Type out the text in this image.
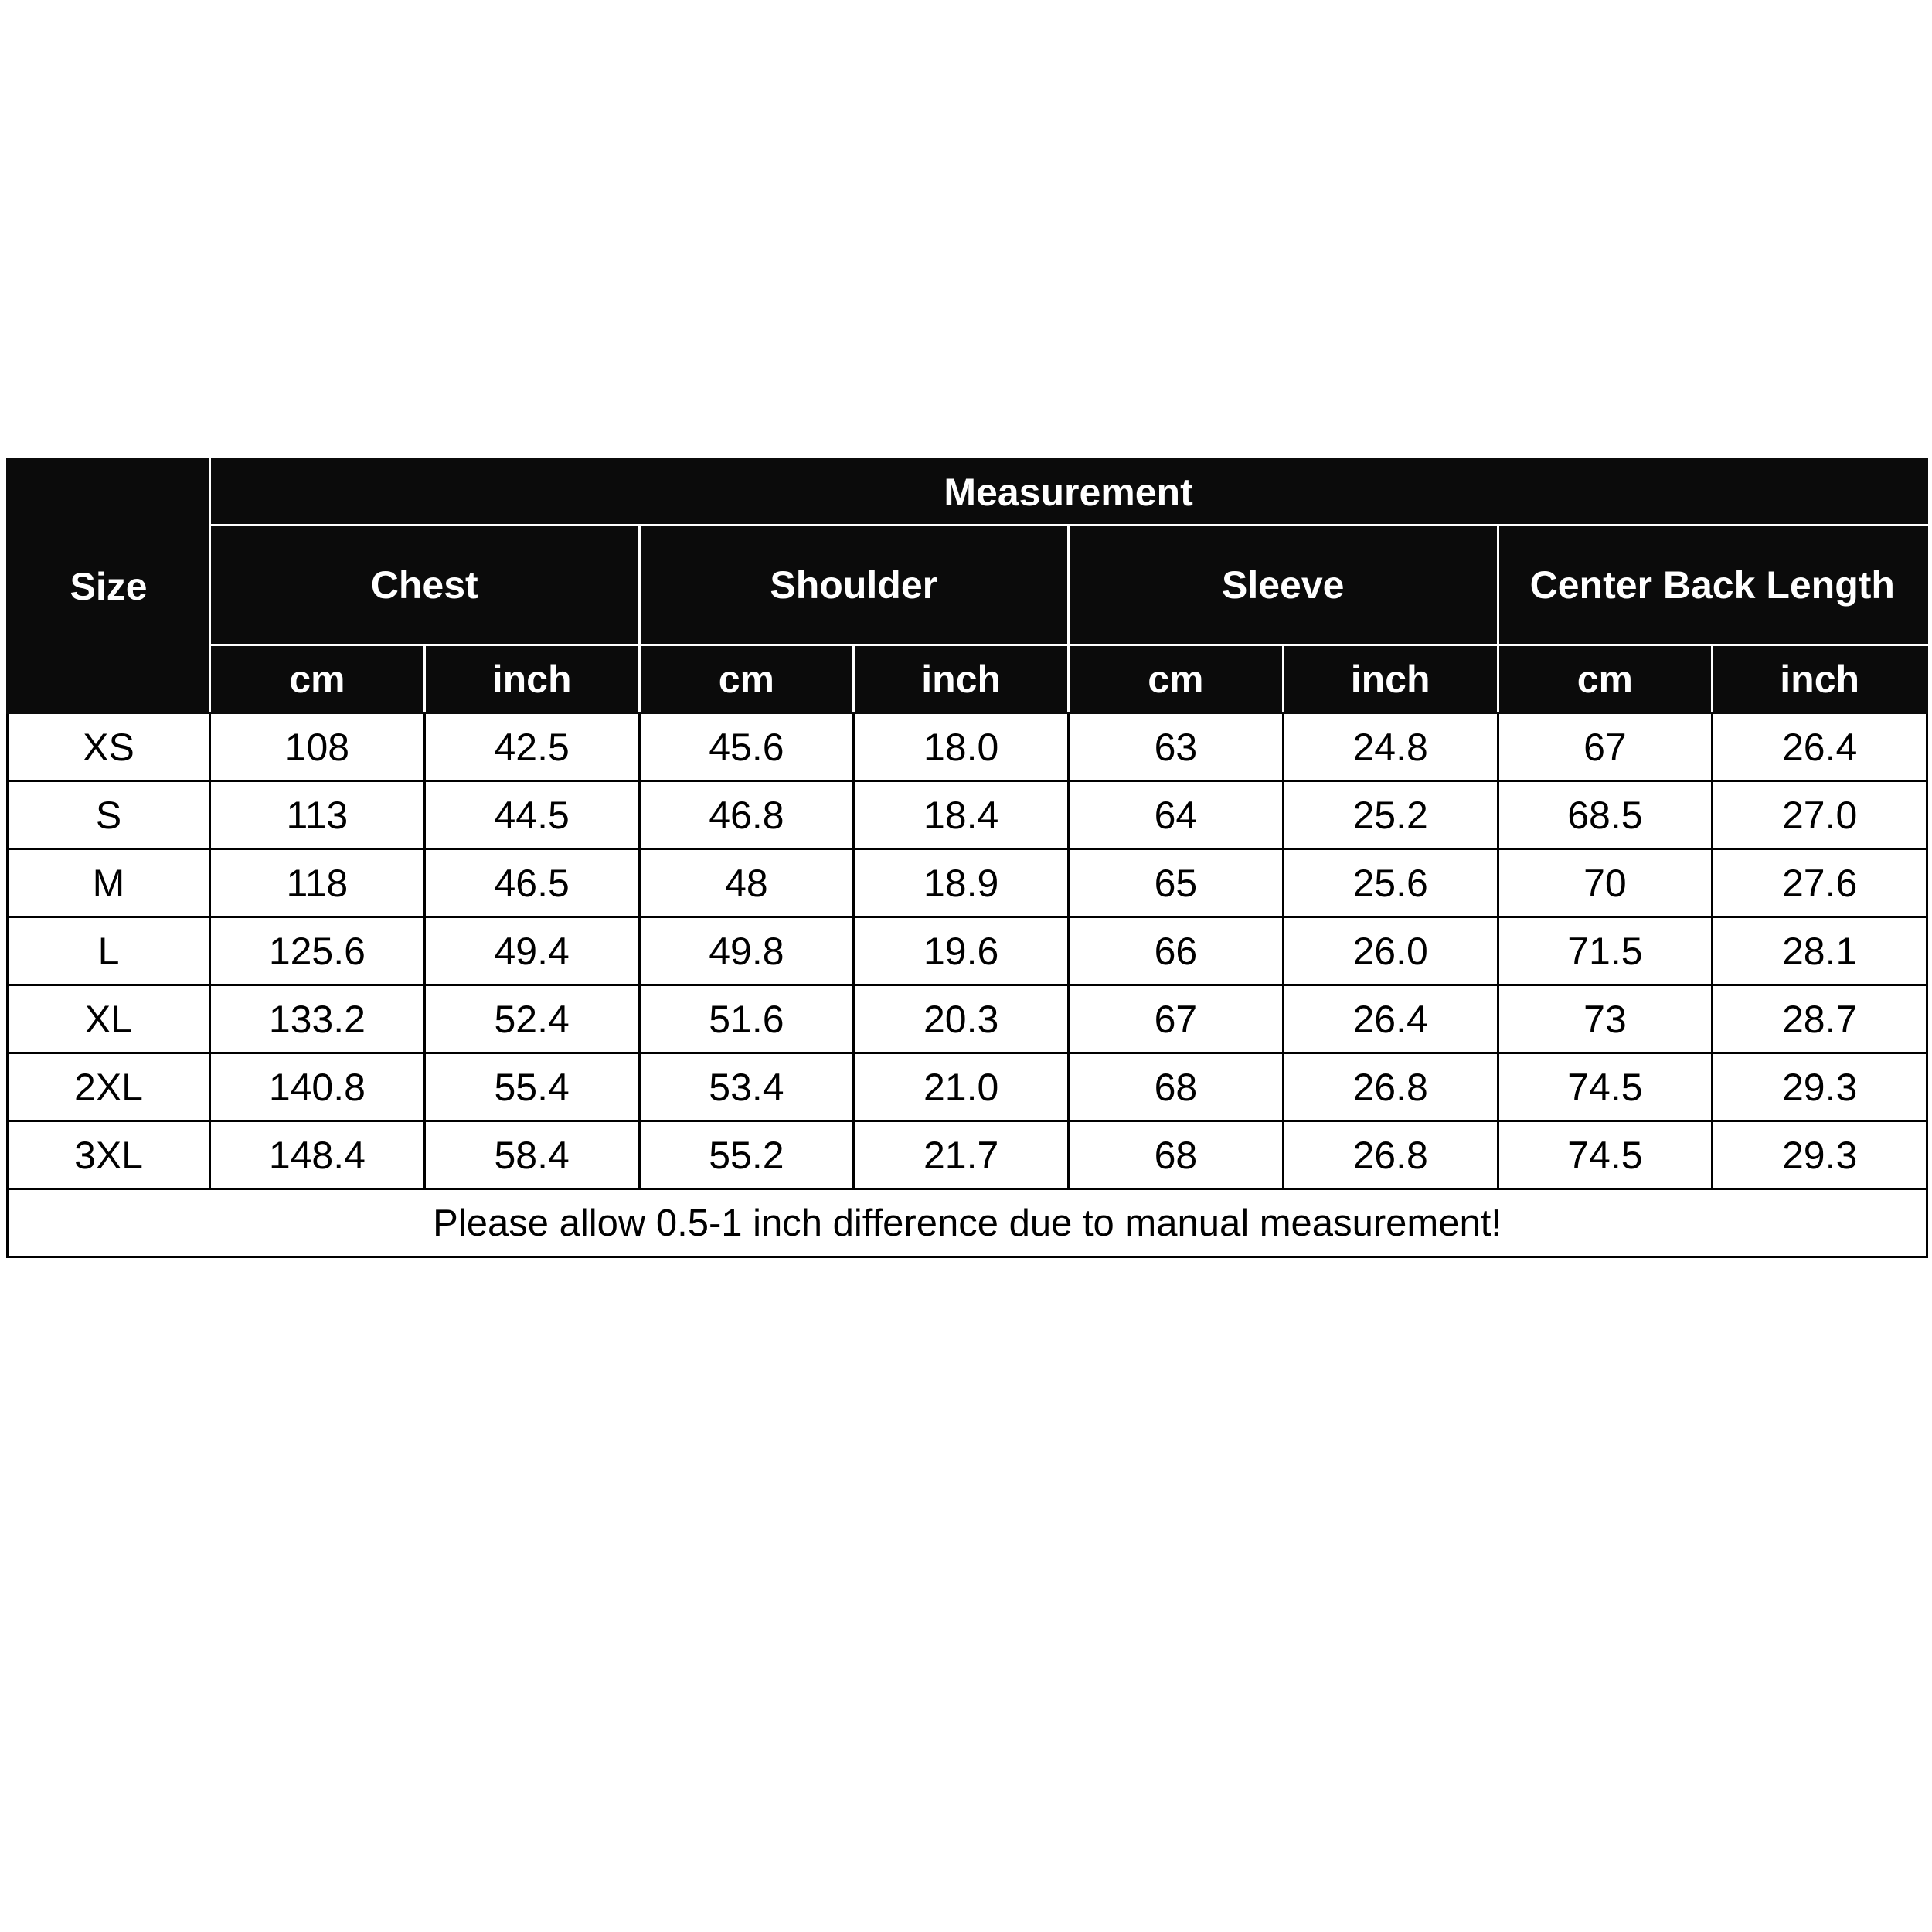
Size	Measurement							
	Chest		Shoulder		Sleeve		Center Back Length	
	cm	inch	cm	inch	cm	inch	cm	inch
XS	108	42.5	45.6	18.0	63	24.8	67	26.4
S	113	44.5	46.8	18.4	64	25.2	68.5	27.0
M	118	46.5	48	18.9	65	25.6	70	27.6
L	125.6	49.4	49.8	19.6	66	26.0	71.5	28.1
XL	133.2	52.4	51.6	20.3	67	26.4	73	28.7
2XL	140.8	55.4	53.4	21.0	68	26.8	74.5	29.3
3XL	148.4	58.4	55.2	21.7	68	26.8	74.5	29.3
Please allow 0.5-1 inch difference due to manual measurement!								
